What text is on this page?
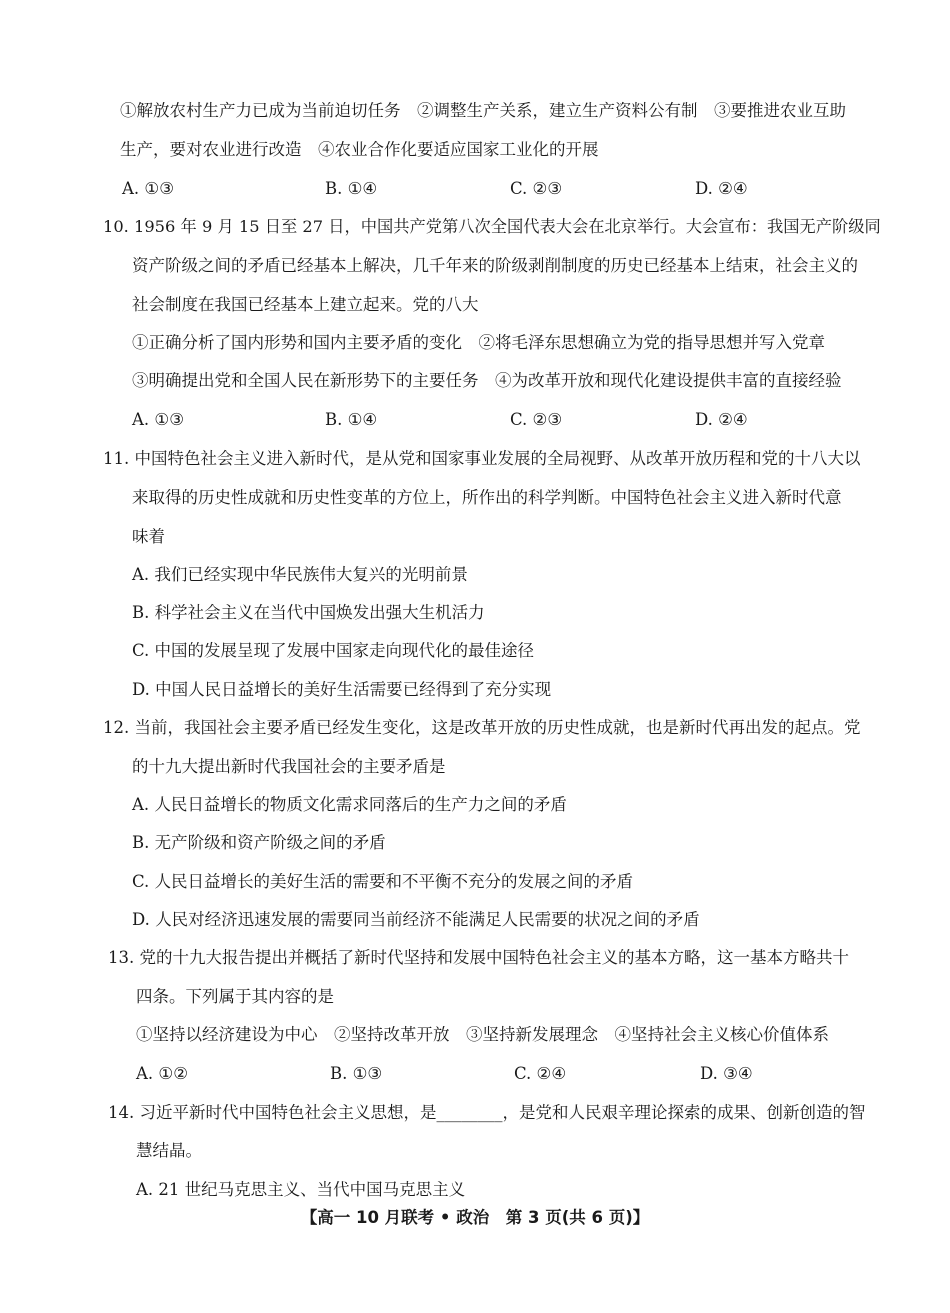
①解放农村生产力已成为当前迫切任务　②调整生产关系，建立生产资料公有制　③要推进农业互助
生产，要对农业进行改造　④农业合作化要适应国家工业化的开展
A. ①③	B. ①④	C. ②③	D. ②④
10. 1956 年 9 月 15 日至 27 日，中国共产党第八次全国代表大会在北京举行。大会宣布：我国无产阶级同
资产阶级之间的矛盾已经基本上解决，几千年来的阶级剥削制度的历史已经基本上结束，社会主义的
社会制度在我国已经基本上建立起来。党的八大
①正确分析了国内形势和国内主要矛盾的变化　②将毛泽东思想确立为党的指导思想并写入党章
③明确提出党和全国人民在新形势下的主要任务　④为改革开放和现代化建设提供丰富的直接经验
A. ①③	B. ①④	C. ②③	D. ②④
11. 中国特色社会主义进入新时代，是从党和国家事业发展的全局视野、从改革开放历程和党的十八大以
来取得的历史性成就和历史性变革的方位上，所作出的科学判断。中国特色社会主义进入新时代意
味着
A. 我们已经实现中华民族伟大复兴的光明前景
B. 科学社会主义在当代中国焕发出强大生机活力
C. 中国的发展呈现了发展中国家走向现代化的最佳途径
D. 中国人民日益增长的美好生活需要已经得到了充分实现
12. 当前，我国社会主要矛盾已经发生变化，这是改革开放的历史性成就，也是新时代再出发的起点。党
的十九大提出新时代我国社会的主要矛盾是
A. 人民日益增长的物质文化需求同落后的生产力之间的矛盾
B. 无产阶级和资产阶级之间的矛盾
C. 人民日益增长的美好生活的需要和不平衡不充分的发展之间的矛盾
D. 人民对经济迅速发展的需要同当前经济不能满足人民需要的状况之间的矛盾
13. 党的十九大报告提出并概括了新时代坚持和发展中国特色社会主义的基本方略，这一基本方略共十
四条。下列属于其内容的是
①坚持以经济建设为中心　②坚持改革开放　③坚持新发展理念　④坚持社会主义核心价值体系
A. ①②	B. ①③	C. ②④	D. ③④
14. 习近平新时代中国特色社会主义思想，是________，是党和人民艰辛理论探索的成果、创新创造的智
慧结晶。
A. 21 世纪马克思主义、当代中国马克思主义
【高一 10 月联考 • 政治　第 3 页(共 6 页)】
